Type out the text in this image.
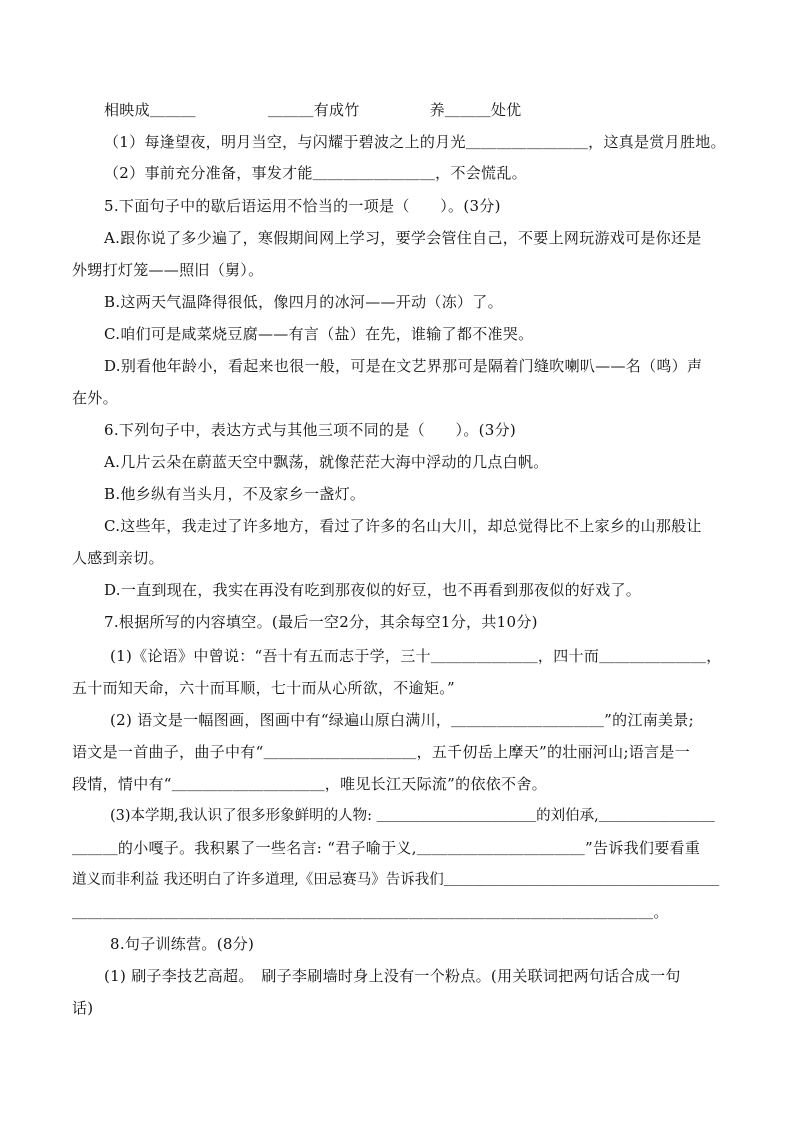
相映成＿＿＿	＿＿＿有成竹	养＿＿＿处优
（1）每逢望夜，明月当空，与闪耀于碧波之上的月光＿＿＿＿＿＿＿＿，这真是赏月胜地。
（2）事前充分准备，事发才能＿＿＿＿＿＿＿＿，不会慌乱。
5.下面句子中的歇后语运用不恰当的一项是（　　）。(3分)
A.跟你说了多少遍了，寒假期间网上学习，要学会管住自己，不要上网玩游戏可是你还是
外甥打灯笼——照旧（舅）。
B.这两天气温降得很低，像四月的冰河——开动（冻）了。
C.咱们可是咸菜烧豆腐——有言（盐）在先，谁输了都不准哭。
D.别看他年龄小，看起来也很一般，可是在文艺界那可是隔着门缝吹喇叭——名（鸣）声
在外。
6.下列句子中，表达方式与其他三项不同的是（　　）。(3分)
A.几片云朵在蔚蓝天空中飘荡，就像茫茫大海中浮动的几点白帆。
B.他乡纵有当头月，不及家乡一盏灯。
C.这些年，我走过了许多地方，看过了许多的名山大川，却总觉得比不上家乡的山那般让
人感到亲切。
D.一直到现在，我实在再没有吃到那夜似的好豆，也不再看到那夜似的好戏了。
7.根据所写的内容填空。(最后一空2分，其余每空1分，共10分)
(1)《论语》中曾说：“吾十有五而志于学，三十＿＿＿＿＿＿＿，四十而＿＿＿＿＿＿＿，
五十而知天命，六十而耳顺，七十而从心所欲，不逾矩。”
(2) 语文是一幅图画，图画中有“绿遍山原白满川，＿＿＿＿＿＿＿＿＿＿”的江南美景;
语文是一首曲子，曲子中有“＿＿＿＿＿＿＿＿＿＿，五千仞岳上摩天”的壮丽河山;语言是一
段情，情中有“＿＿＿＿＿＿＿＿＿＿，唯见长江天际流”的依依不舍。
(3)本学期,我认识了很多形象鲜明的人物: ＿＿＿＿＿＿＿＿＿＿＿的刘伯承,＿＿＿＿＿＿＿＿
＿＿＿的小嘎子。我积累了一些名言: “君子喻于义,＿＿＿＿＿＿＿＿＿＿＿”告诉我们要看重
道义而非利益 我还明白了许多道理,《田忌赛马》告诉我们＿＿＿＿＿＿＿＿＿＿＿＿＿＿＿＿＿＿＿
＿＿＿＿＿＿＿＿＿＿＿＿＿＿＿＿＿＿＿＿＿＿＿＿＿＿＿＿＿＿＿＿＿＿＿＿＿＿。
8.句子训练营。(8分)
(1) 刷子李技艺高超。　刷子李刷墙时身上没有一个粉点。(用关联词把两句话合成一句
话)
